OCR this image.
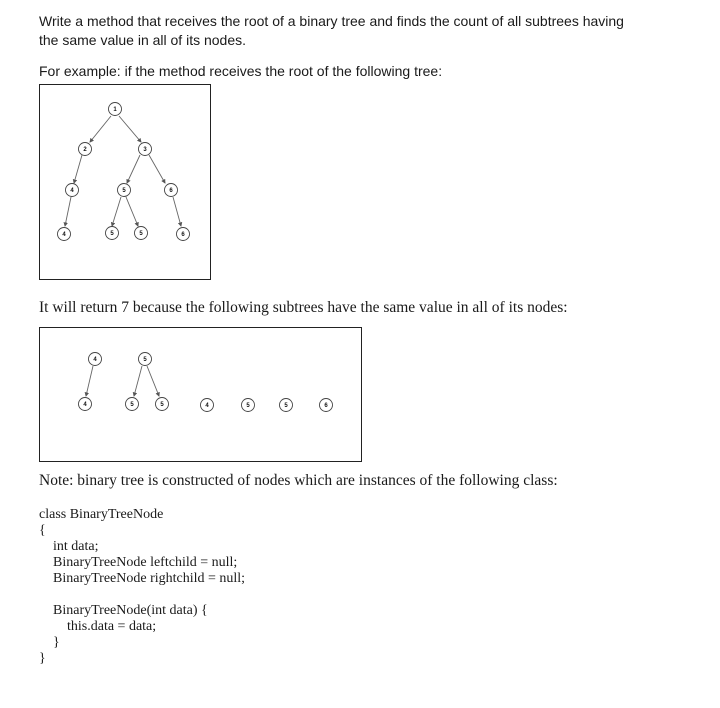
Write a method that receives the root of a binary tree and finds the count of all subtrees having
the same value in all of its nodes.
For example: if the method receives the root of the following tree:
1
2	3
4	5	6
4	5	5	6
It will return 7 because the following subtrees have the same value in all of its nodes:
4
4
5
5	5	4	5	5	6
Note: binary tree is constructed of nodes which are instances of the following class:
class BinaryTreeNode
{
int data;
BinaryTreeNode leftchild = null;
BinaryTreeNode rightchild = null;
BinaryTreeNode(int data) {
this.data = data;
}
}
